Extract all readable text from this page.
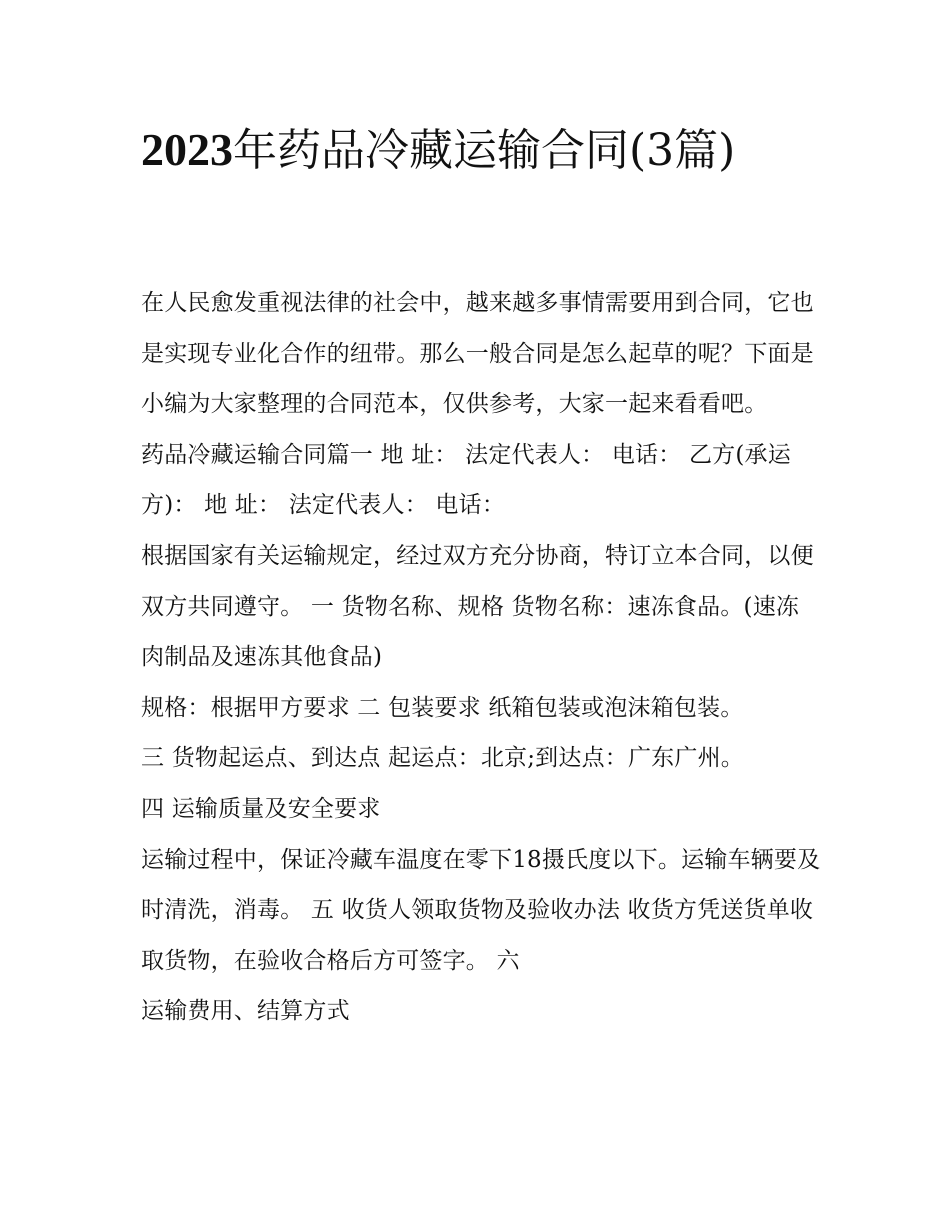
2023年药品冷藏运输合同(3篇)

在人民愈发重视法律的社会中，越来越多事情需要用到合同，它也是实现专业化合作的纽带。那么一般合同是怎么起草的呢？下面是小编为大家整理的合同范本，仅供参考，大家一起来看看吧。

药品冷藏运输合同篇一 地 址： 法定代表人： 电话： 乙方(承运方)： 地 址： 法定代表人： 电话：

根据国家有关运输规定，经过双方充分协商，特订立本合同，以便双方共同遵守。 一 货物名称、规格 货物名称：速冻食品。(速冻肉制品及速冻其他食品)

规格：根据甲方要求 二 包装要求 纸箱包装或泡沫箱包装。

三 货物起运点、到达点 起运点：北京;到达点：广东广州。

四 运输质量及安全要求

运输过程中，保证冷藏车温度在零下18摄氏度以下。运输车辆要及时清洗，消毒。 五 收货人领取货物及验收办法 收货方凭送货单收取货物，在验收合格后方可签字。 六

运输费用、结算方式
